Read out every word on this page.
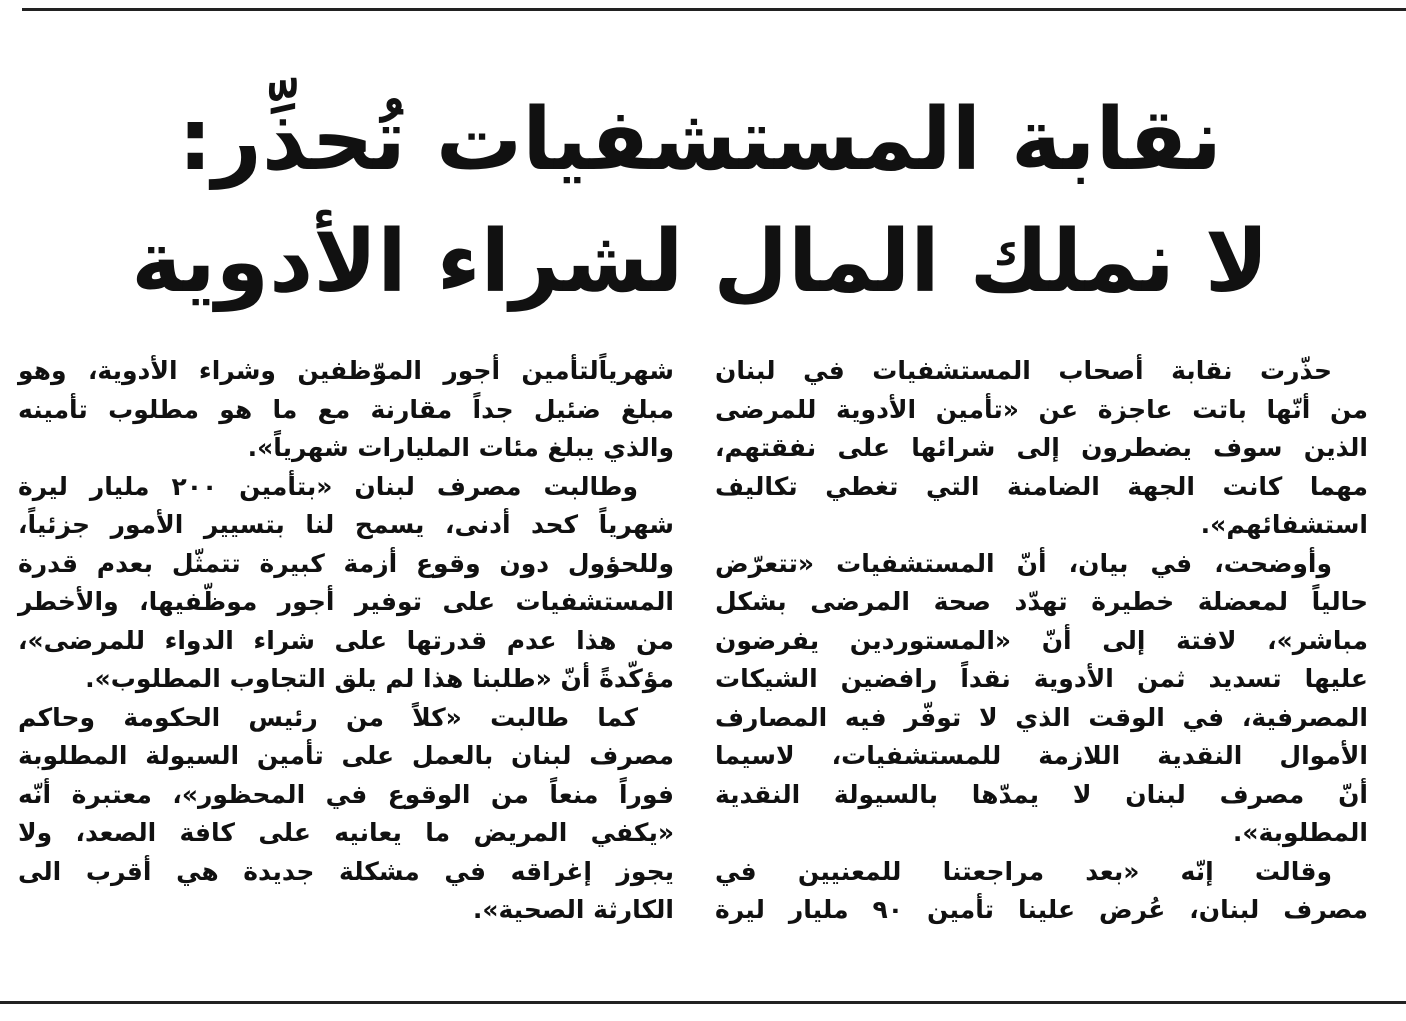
نقابة المستشفيات تُحذِّر:
لا نملك المال لشراء الأدوية
حذّرت نقابة أصحاب المستشفيات في لبنان
من أنّها باتت عاجزة عن «تأمين الأدوية للمرضى
الذين سوف يضطرون إلى شرائها على نفقتهم،
مهما كانت الجهة الضامنة التي تغطي تكاليف
استشفائهم».
وأوضحت، في بيان، أنّ المستشفيات «تتعرّض
حالياً لمعضلة خطيرة تهدّد صحة المرضى بشكل
مباشر»، لافتة إلى أنّ «المستوردين يفرضون
عليها تسديد ثمن الأدوية نقداً رافضين الشيكات
المصرفية، في الوقت الذي لا توفّر فيه المصارف
الأموال النقدية اللازمة للمستشفيات، لاسيما
أنّ مصرف لبنان لا يمدّها بالسيولة النقدية
المطلوبة».
وقالت إنّه «بعد مراجعتنا للمعنيين في
مصرف لبنان، عُرض علينا تأمين ٩٠ مليار ليرة
شهرياًلتأمين أجور الموّظفين وشراء الأدوية، وهو
مبلغ ضئيل جداً مقارنة مع ما هو مطلوب تأمينه
والذي يبلغ مئات المليارات شهرياً».
وطالبت مصرف لبنان «بتأمين ٢٠٠ مليار ليرة
شهرياً كحد أدنى، يسمح لنا بتسيير الأمور جزئياً،
وللحؤول دون وقوع أزمة كبيرة تتمثّل بعدم قدرة
المستشفيات على توفير أجور موظّفيها، والأخطر
من هذا عدم قدرتها على شراء الدواء للمرضى»،
مؤكّدةً أنّ «طلبنا هذا لم يلق التجاوب المطلوب».
كما طالبت «كلاً من رئيس الحكومة وحاكم
مصرف لبنان بالعمل على تأمين السيولة المطلوبة
فوراً منعاً من الوقوع في المحظور»، معتبرة أنّه
«يكفي المريض ما يعانيه على كافة الصعد، ولا
يجوز إغراقه في مشكلة جديدة هي أقرب الى
الكارثة الصحية».
